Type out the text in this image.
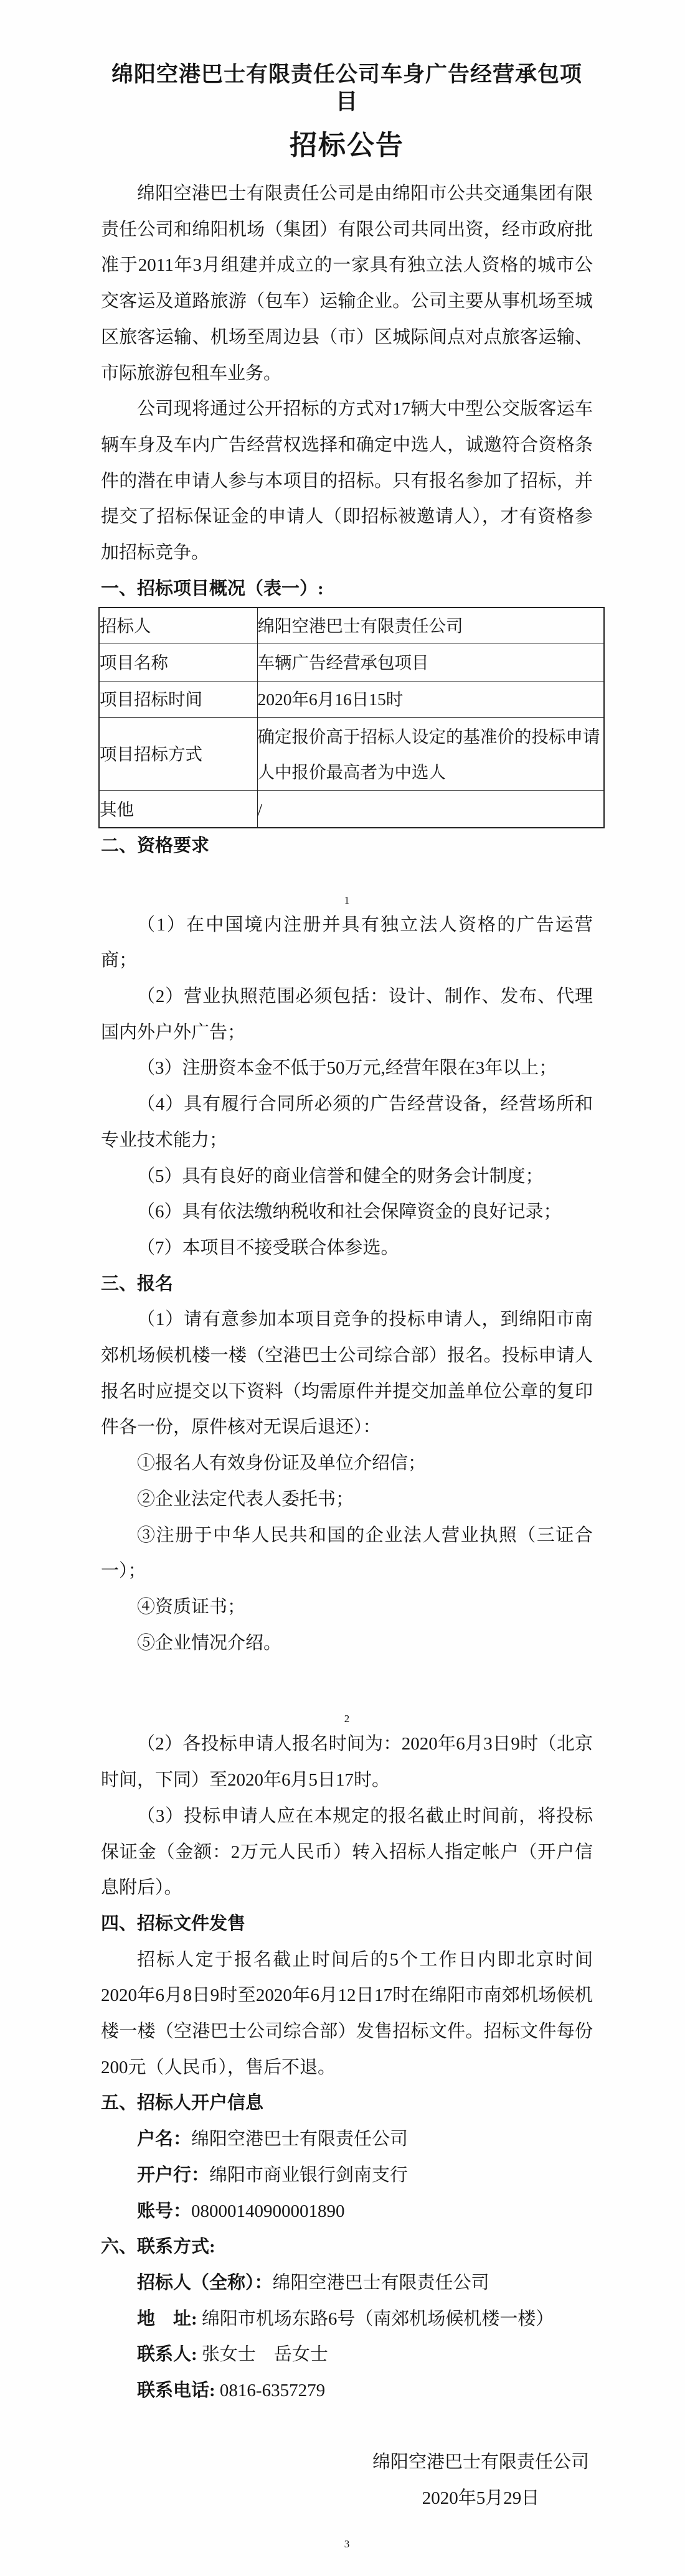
绵阳空港巴士有限责任公司车身广告经营承包项目
招标公告

绵阳空港巴士有限责任公司是由绵阳市公共交通集团有限责任公司和绵阳机场（集团）有限公司共同出资，经市政府批准于2011年3月组建并成立的一家具有独立法人资格的城市公交客运及道路旅游（包车）运输企业。公司主要从事机场至城区旅客运输、机场至周边县（市）区城际间点对点旅客运输、市际旅游包租车业务。

公司现将通过公开招标的方式对17辆大中型公交版客运车辆车身及车内广告经营权选择和确定中选人，诚邀符合资格条件的潜在申请人参与本项目的招标。只有报名参加了招标，并提交了招标保证金的申请人（即招标被邀请人），才有资格参加招标竞争。

一、招标项目概况（表一）:

招标人	绵阳空港巴士有限责任公司
项目名称	车辆广告经营承包项目
项目招标时间	2020年6月16日15时
项目招标方式	确定报价高于招标人设定的基准价的投标申请人中报价最高者为中选人
其他	/

二、资格要求

1

（1）在中国境内注册并具有独立法人资格的广告运营商；

（2）营业执照范围必须包括：设计、制作、发布、代理国内外户外广告；

（3）注册资本金不低于50万元,经营年限在3年以上；

（4）具有履行合同所必须的广告经营设备，经营场所和专业技术能力；

（5）具有良好的商业信誉和健全的财务会计制度；

（6）具有依法缴纳税收和社会保障资金的良好记录；

（7）本项目不接受联合体参选。

三、报名

（1）请有意参加本项目竞争的投标申请人，到绵阳市南郊机场候机楼一楼（空港巴士公司综合部）报名。投标申请人报名时应提交以下资料（均需原件并提交加盖单位公章的复印件各一份，原件核对无误后退还）：

①报名人有效身份证及单位介绍信；

②企业法定代表人委托书；

③注册于中华人民共和国的企业法人营业执照（三证合一）；

④资质证书；

⑤企业情况介绍。

2

（2）各投标申请人报名时间为：2020年6月3日9时（北京时间，下同）至2020年6月5日17时。

（3）投标申请人应在本规定的报名截止时间前，将投标保证金（金额：2万元人民币）转入招标人指定帐户（开户信息附后）。

四、招标文件发售

招标人定于报名截止时间后的5个工作日内即北京时间2020年6月8日9时至2020年6月12日17时在绵阳市南郊机场候机楼一楼（空港巴士公司综合部）发售招标文件。招标文件每份200元（人民币），售后不退。

五、招标人开户信息

户名：绵阳空港巴士有限责任公司

开户行：绵阳市商业银行剑南支行

账号：08000140900001890

六、联系方式:

招标人（全称）：绵阳空港巴士有限责任公司

地　址: 绵阳市机场东路6号（南郊机场候机楼一楼）

联系人: 张女士　岳女士

联系电话: 0816-6357279

绵阳空港巴士有限责任公司
2020年5月29日
3
